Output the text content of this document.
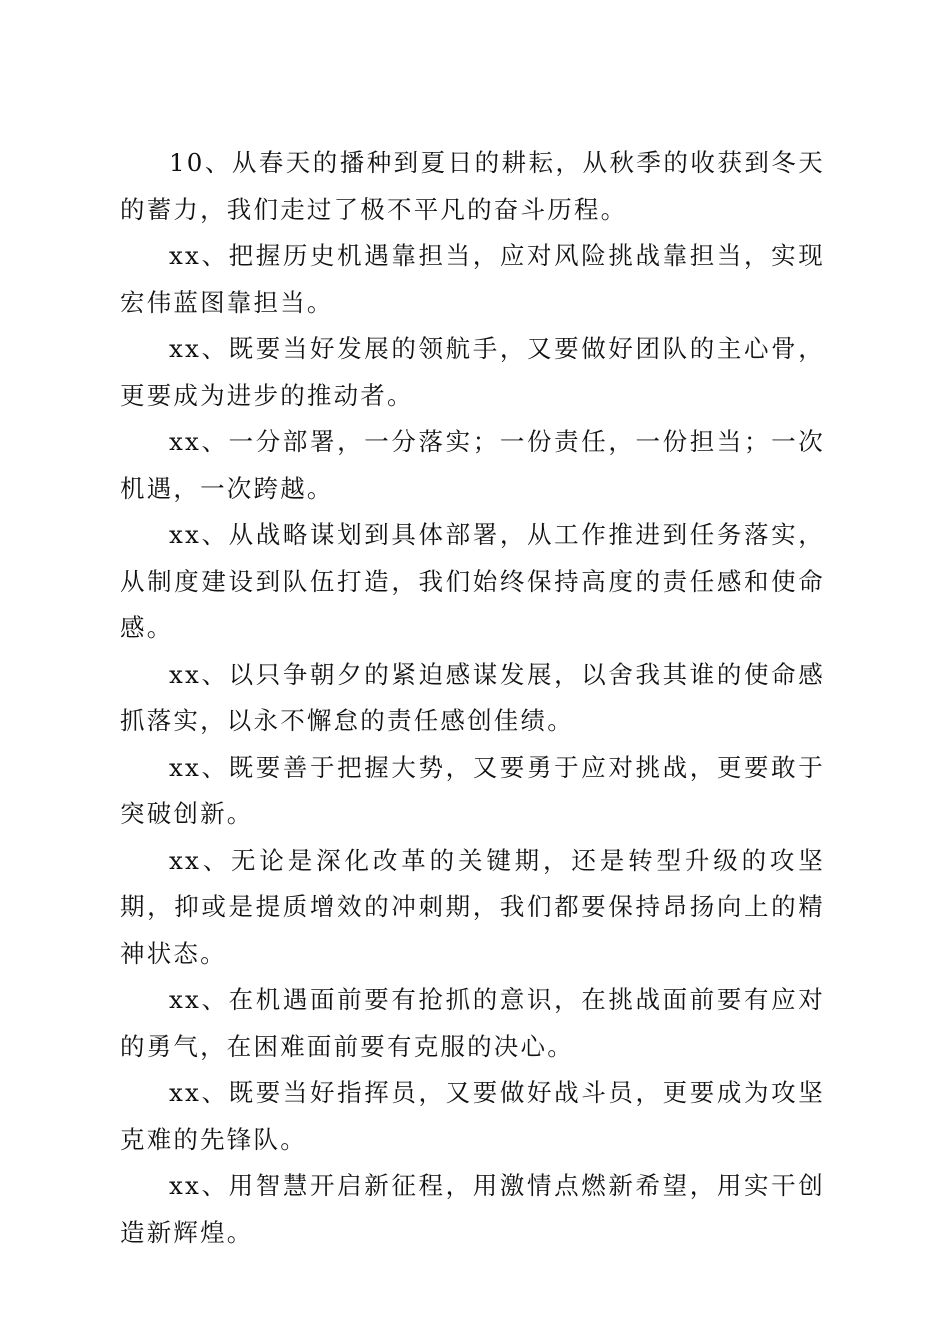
10、从春天的播种到夏日的耕耘，从秋季的收获到冬天的蓄力，我们走过了极不平凡的奋斗历程。

xx、把握历史机遇靠担当，应对风险挑战靠担当，实现宏伟蓝图靠担当。

xx、既要当好发展的领航手，又要做好团队的主心骨，更要成为进步的推动者。

xx、一分部署，一分落实；一份责任，一份担当；一次机遇，一次跨越。

xx、从战略谋划到具体部署，从工作推进到任务落实，从制度建设到队伍打造，我们始终保持高度的责任感和使命感。

xx、以只争朝夕的紧迫感谋发展，以舍我其谁的使命感抓落实，以永不懈怠的责任感创佳绩。

xx、既要善于把握大势，又要勇于应对挑战，更要敢于突破创新。

xx、无论是深化改革的关键期，还是转型升级的攻坚期，抑或是提质增效的冲刺期，我们都要保持昂扬向上的精神状态。

xx、在机遇面前要有抢抓的意识，在挑战面前要有应对的勇气，在困难面前要有克服的决心。

xx、既要当好指挥员，又要做好战斗员，更要成为攻坚克难的先锋队。

xx、用智慧开启新征程，用激情点燃新希望，用实干创造新辉煌。
